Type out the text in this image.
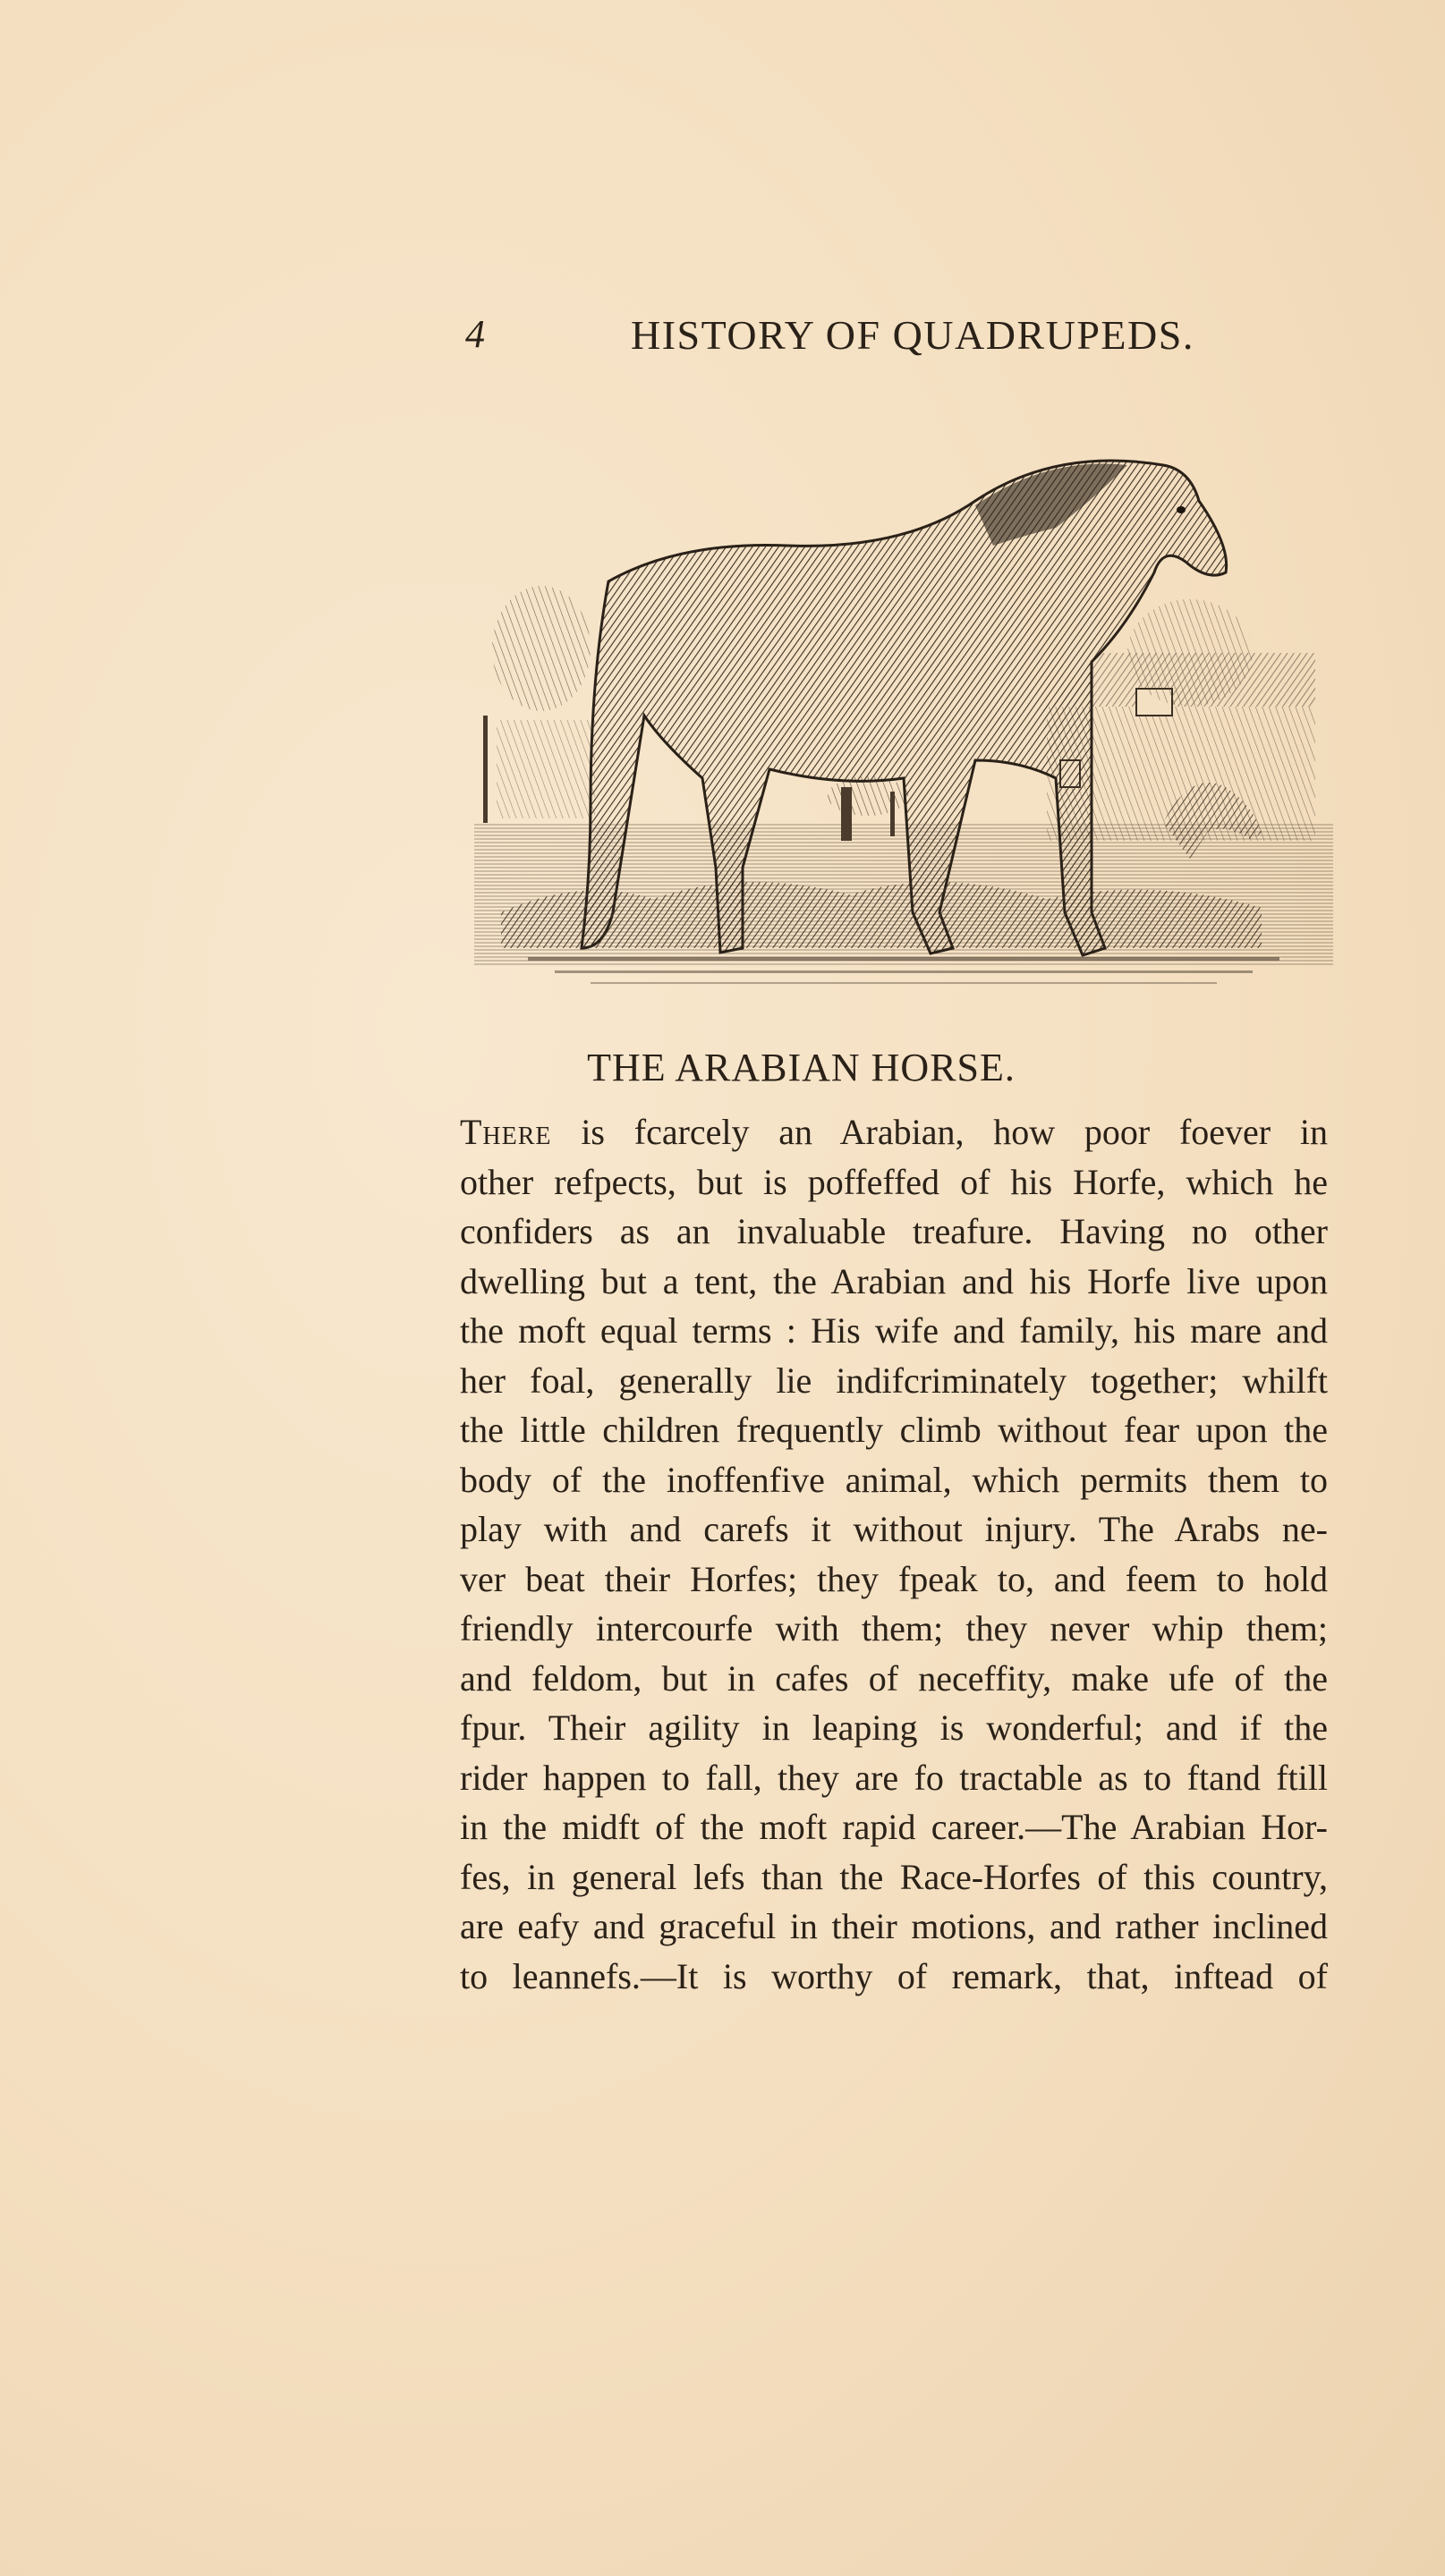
4	HISTORY OF QUADRUPEDS.
THE ARABIAN HORSE.
There is fcarcely an Arabian, how poor foever in
other refpects, but is poffeffed of his Horfe, which he
confiders as an invaluable treafure. Having no other
dwelling but a tent, the Arabian and his Horfe live upon
the moft equal terms : His wife and family, his mare and
her foal, generally lie indifcriminately together; whilft
the little children frequently climb without fear upon the
body of the inoffenfive animal, which permits them to
play with and carefs it without injury. The Arabs ne-
ver beat their Horfes; they fpeak to, and feem to hold
friendly intercourfe with them; they never whip them;
and feldom, but in cafes of neceffity, make ufe of the
fpur. Their agility in leaping is wonderful; and if the
rider happen to fall, they are fo tractable as to ftand ftill
in the midft of the moft rapid career.—The Arabian Hor-
fes, in general lefs than the Race-Horfes of this country,
are eafy and graceful in their motions, and rather inclined
to leannefs.—It is worthy of remark, that, inftead of
